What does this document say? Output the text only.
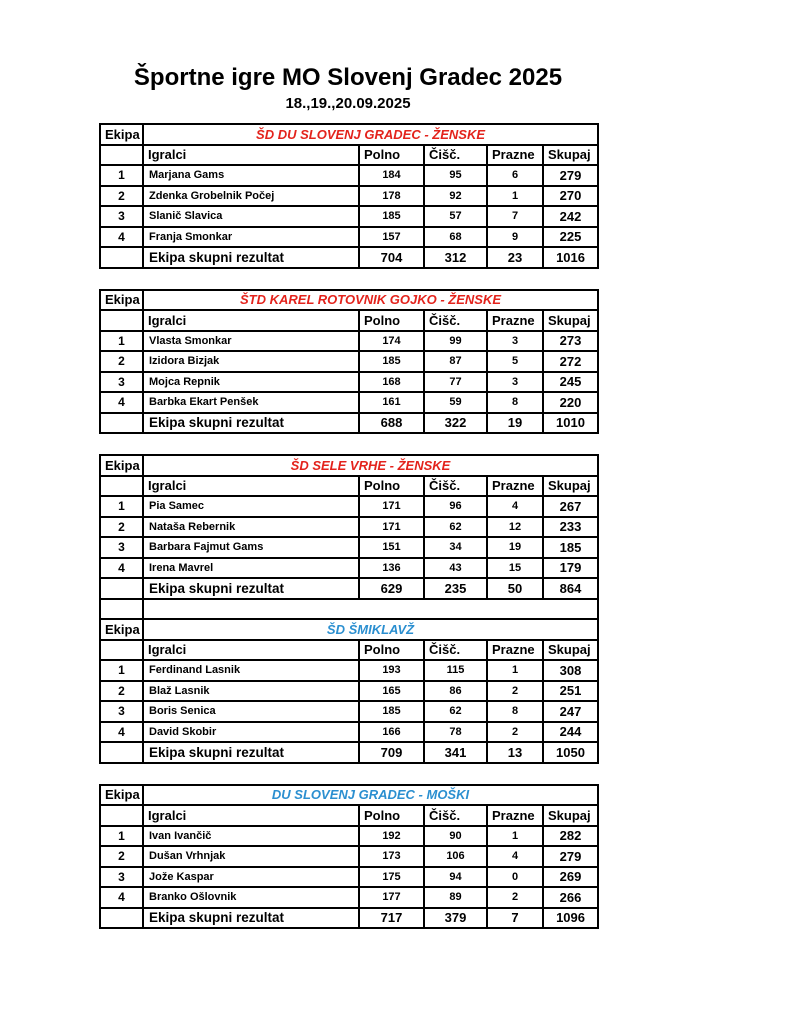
Športne igre MO Slovenj Gradec 2025
18.,19.,20.09.2025
Ekipa	ŠD DU SLOVENJ GRADEC - ŽENSKE				
	Igralci	Polno	Čišč.	Prazne	Skupaj
1	Marjana Gams	184	95	6	279
2	Zdenka Grobelnik Počej	178	92	1	270
3	Slanič Slavica	185	57	7	242
4	Franja Smonkar	157	68	9	225
	Ekipa skupni rezultat	704	312	23	1016
Ekipa	ŠTD KAREL ROTOVNIK GOJKO - ŽENSKE				
	Igralci	Polno	Čišč.	Prazne	Skupaj
1	Vlasta Smonkar	174	99	3	273
2	Izidora Bizjak	185	87	5	272
3	Mojca Repnik	168	77	3	245
4	Barbka Ekart Penšek	161	59	8	220
	Ekipa skupni rezultat	688	322	19	1010
Ekipa	ŠD SELE VRHE - ŽENSKE				
	Igralci	Polno	Čišč.	Prazne	Skupaj
1	Pia Samec	171	96	4	267
2	Nataša Rebernik	171	62	12	233
3	Barbara Fajmut Gams	151	34	19	185
4	Irena Mavrel	136	43	15	179
	Ekipa skupni rezultat	629	235	50	864

Ekipa	ŠD ŠMIKLAVŽ				
	Igralci	Polno	Čišč.	Prazne	Skupaj
1	Ferdinand Lasnik	193	115	1	308
2	Blaž Lasnik	165	86	2	251
3	Boris Senica	185	62	8	247
4	David Skobir	166	78	2	244
	Ekipa skupni rezultat	709	341	13	1050
Ekipa	DU SLOVENJ GRADEC - MOŠKI				
	Igralci	Polno	Čišč.	Prazne	Skupaj
1	Ivan Ivančič	192	90	1	282
2	Dušan Vrhnjak	173	106	4	279
3	Jože Kaspar	175	94	0	269
4	Branko Ošlovnik	177	89	2	266
	Ekipa skupni rezultat	717	379	7	1096
